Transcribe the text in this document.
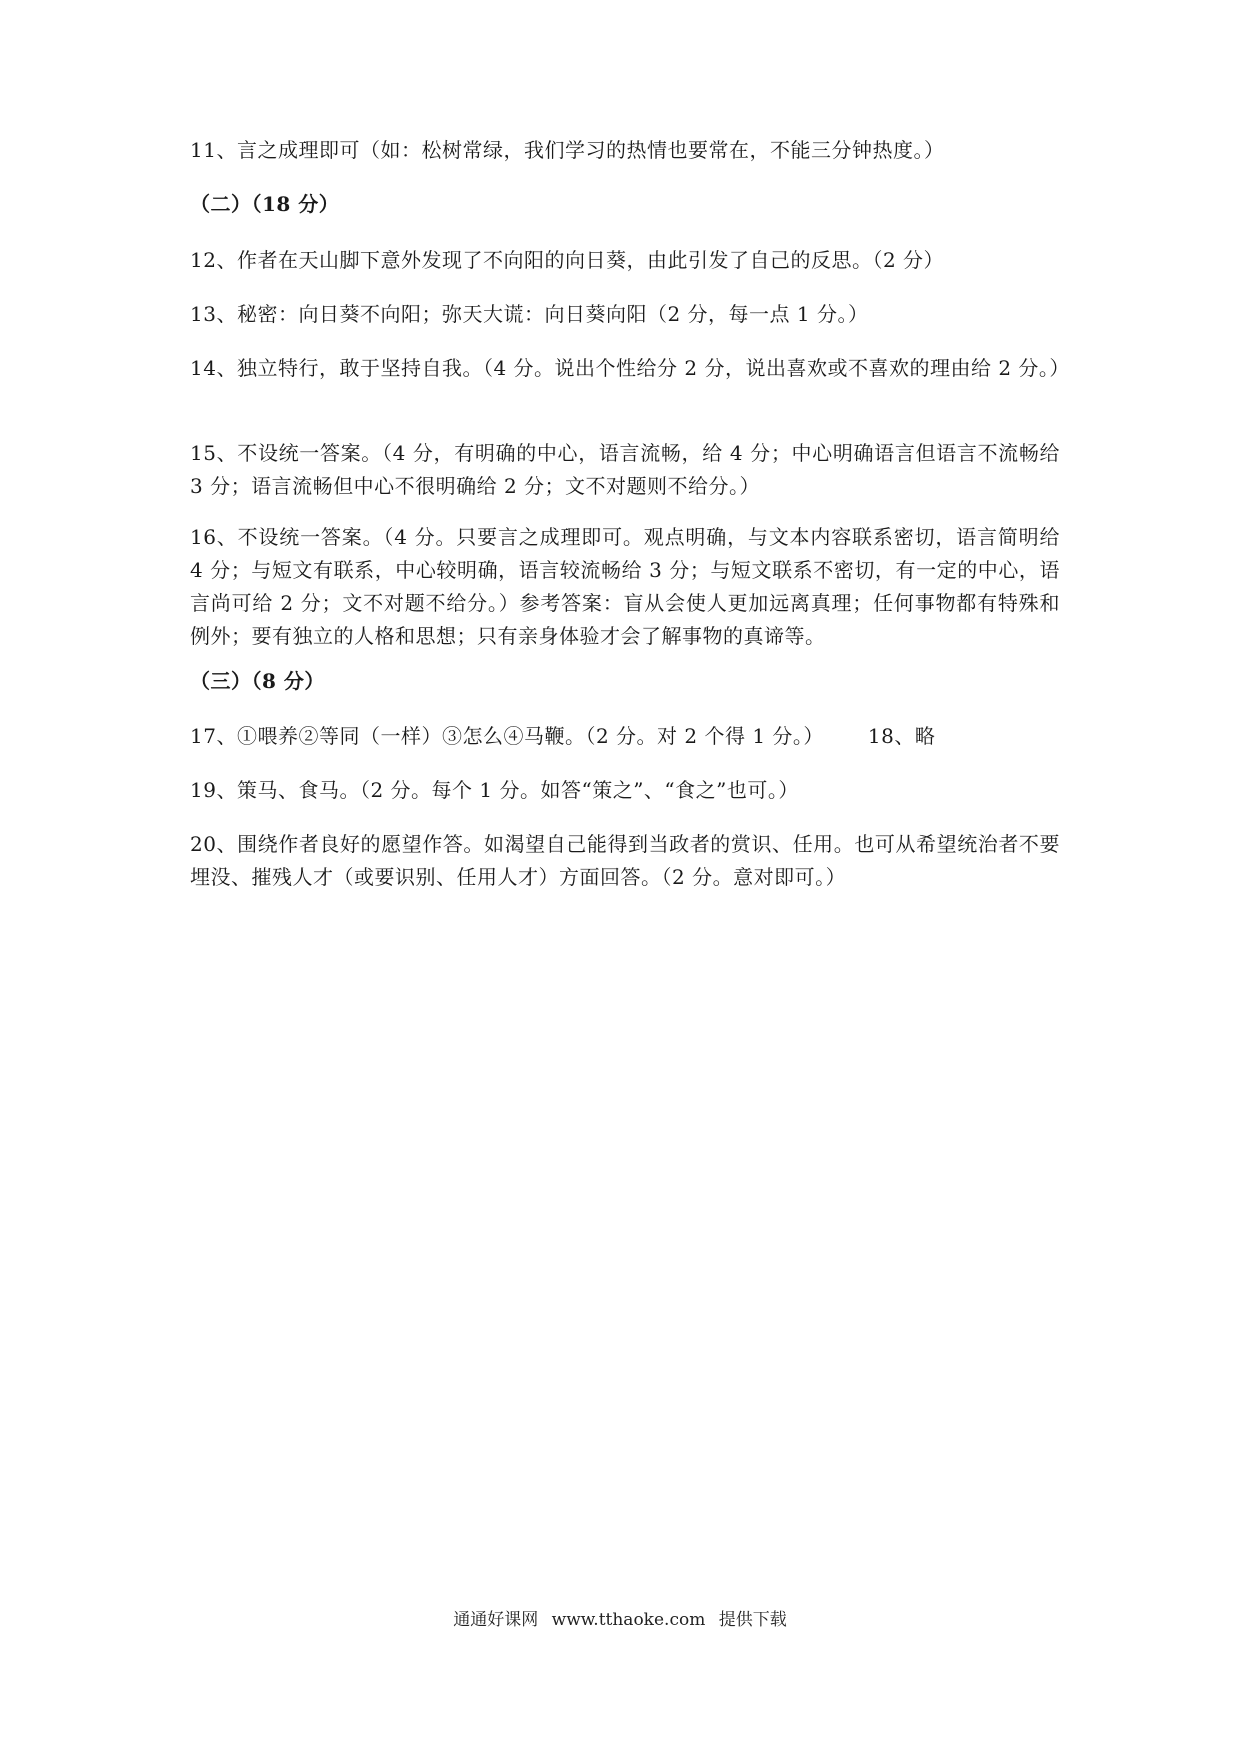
11、言之成理即可（如：松树常绿，我们学习的热情也要常在，不能三分钟热度。）

（二）（18 分）

12、作者在天山脚下意外发现了不向阳的向日葵，由此引发了自己的反思。（2 分）

13、秘密：向日葵不向阳；弥天大谎：向日葵向阳（2 分，每一点 1 分。）

14、独立特行，敢于坚持自我。（4 分。说出个性给分 2 分，说出喜欢或不喜欢的理由给 2 分。）

15、不设统一答案。（4 分，有明确的中心，语言流畅，给 4 分；中心明确语言但语言不流畅给 3 分；语言流畅但中心不很明确给 2 分；文不对题则不给分。）

16、不设统一答案。（4 分。只要言之成理即可。观点明确，与文本内容联系密切，语言简明给 4 分；与短文有联系，中心较明确，语言较流畅给 3 分；与短文联系不密切，有一定的中心，语言尚可给 2 分；文不对题不给分。）参考答案：盲从会使人更加远离真理；任何事物都有特殊和例外；要有独立的人格和思想；只有亲身体验才会了解事物的真谛等。

（三）（8 分）

17、①喂养②等同（一样）③怎么④马鞭。（2 分。对 2 个得 1 分。） 18、略

19、策马、食马。（2 分。每个 1 分。如答“策之”、“食之”也可。）

20、围绕作者良好的愿望作答。如渴望自己能得到当政者的赏识、任用。也可从希望统治者不要埋没、摧残人才（或要识别、任用人才）方面回答。（2 分。意对即可。）

通通好课网 www.tthaoke.com 提供下载
